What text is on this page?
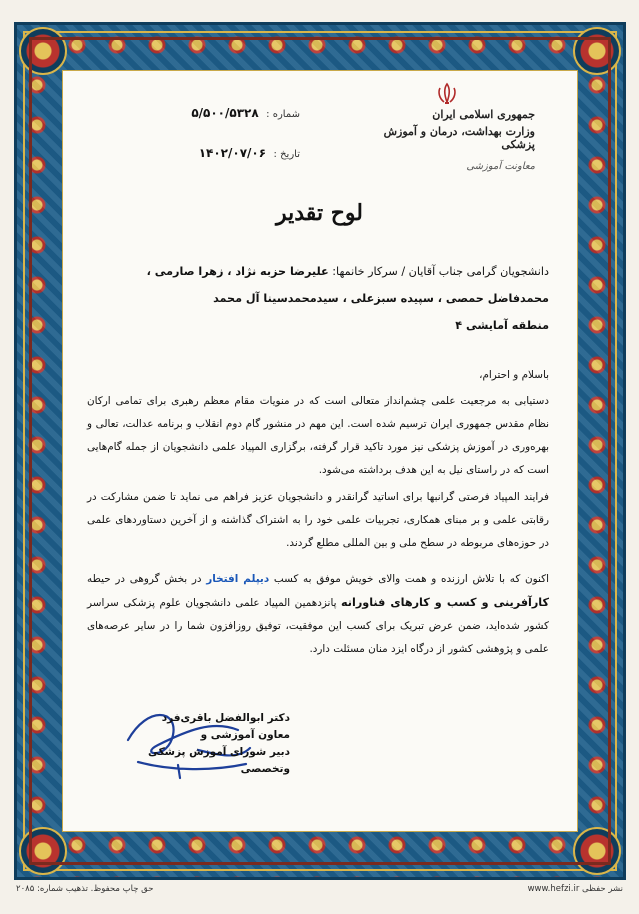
جمهوری اسلامی ایران
وزارت بهداشت، درمان و آموزش پزشکی
معاونت آموزشی
شماره : ۵/۵۰۰/۵۳۲۸
تاریخ : ۱۴۰۲/۰۷/۰۶
لوح تقدیر
دانشجویان گرامی جناب آقایان / سرکار خانمها: علیرضا حزبه نژاد ، زهرا صارمی ،
محمدفاضل حمصی ، سپیده سبزعلی ، سیدمحمدسینا آل محمد
منطقه آمایشی ۴
باسلام و احترام،
دستیابی به مرجعیت علمی چشم‌انداز متعالی است که در منویات مقام معظم رهبری برای تمامی ارکان نظام مقدس جمهوری ایران ترسیم شده است. این مهم در منشور گام دوم انقلاب و برنامه عدالت، تعالی و بهره‌وری در آموزش پزشکی نیز مورد تاکید قرار گرفته، برگزاری المپیاد علمی دانشجویان از جمله گام‌هایی است که در راستای نیل به این هدف برداشته می‌شود.
فرایند المپیاد فرصتی گرانبها برای اساتید گرانقدر و دانشجویان عزیز فراهم می نماید تا ضمن مشارکت در رقابتی علمی و بر مبنای همکاری، تجربیات علمی خود را به اشتراک گذاشته و از آخرین دستاوردهای علمی در حوزه‌های مربوطه در سطح ملی و بین المللی مطلع گردند.
اکنون که با تلاش ارزنده و همت والای خویش موفق به کسب دیپلم افتخار در بخش گروهی در حیطه کارآفرینی و کسب و کارهای فناورانه پانزدهمین المپیاد علمی دانشجویان علوم پزشکی سراسر کشور شده‌اید، ضمن عرض تبریک برای کسب این موفقیت، توفیق روزافزون شما را در سایر عرصه‌های علمی و پژوهشی کشور از درگاه ایزد منان مسئلت دارد.
دکتر ابوالفضل باقری‌فرد
معاون آموزشی و
دبیر شورای آموزش پزشکی وتخصصی
حق چاپ محفوظ. تذهیب شماره: ۲۰۸۵	نشر حفظی www.hefzi.ir
